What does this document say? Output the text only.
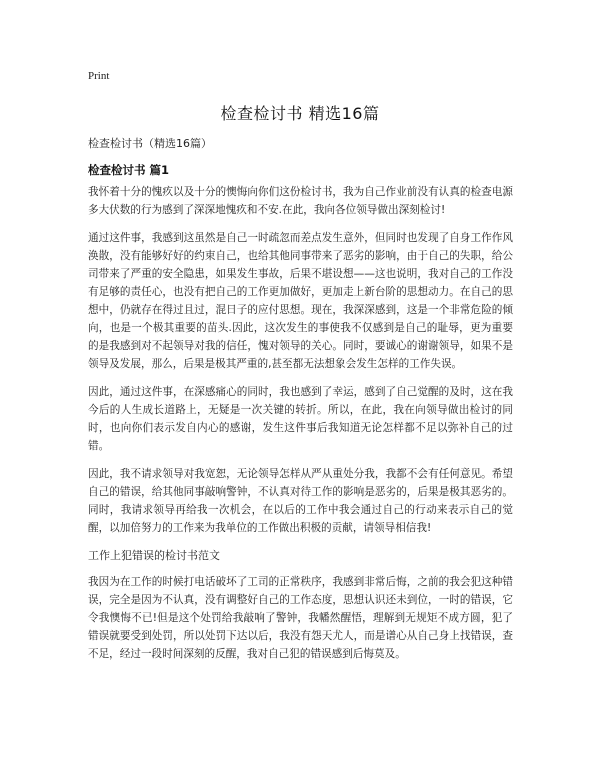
Print
检查检讨书 精选16篇
检查检讨书（精选16篇）
检查检讨书 篇1

我怀着十分的愧疚以及十分的懊悔向你们这份检讨书，我为自己作业前没有认真的检查电源多大伏数的行为感到了深深地愧疚和不安.在此，我向各位领导做出深刻检讨!

通过这件事，我感到这虽然是自己一时疏忽而差点发生意外，但同时也发现了自身工作作风涣散，没有能够好好的约束自己，也给其他同事带来了恶劣的影响，由于自己的失职，给公司带来了严重的安全隐患，如果发生事故，后果不堪设想——这也说明，我对自己的工作没有足够的责任心，也没有把自己的工作更加做好，更加走上新台阶的思想动力。在自己的思想中，仍就存在得过且过，混日子的应付思想。现在，我深深感到，这是一个非常危险的倾向，也是一个极其重要的苗头.因此，这次发生的事使我不仅感到是自己的耻辱，更为重要的是我感到对不起领导对我的信任，愧对领导的关心。同时，要诚心的谢谢领导，如果不是领导及发展，那么，后果是极其严重的,甚至都无法想象会发生怎样的工作失误。

因此，通过这件事，在深感痛心的同时，我也感到了幸运，感到了自己觉醒的及时，这在我今后的人生成长道路上，无疑是一次关键的转折。所以，在此，我在向领导做出检讨的同时，也向你们表示发自内心的感谢，发生这件事后我知道无论怎样都不足以弥补自己的过错。

因此，我不请求领导对我宽恕，无论领导怎样从严从重处分我，我都不会有任何意见。希望自己的错误，给其他同事敲响警钟，不认真对待工作的影响是恶劣的，后果是极其恶劣的。同时，我请求领导再给我一次机会，在以后的工作中我会通过自己的行动来表示自己的觉醒，以加倍努力的工作来为我单位的工作做出积极的贡献，请领导相信我!

工作上犯错误的检讨书范文

我因为在工作的时候打电话破坏了工司的正常秩序，我感到非常后悔，之前的我会犯这种错误，完全是因为不认真，没有调整好自己的工作态度，思想认识还未到位，一时的错误，它令我懊悔不已!但是这个处罚给我敲响了警钟，我幡然醒悟，理解到无规矩不成方圆，犯了错误就要受到处罚，所以处罚下达以后，我没有怨天尤人，而是谱心从自己身上找错误，查不足，经过一段时间深刻的反醒，我对自己犯的错误感到后悔莫及。
